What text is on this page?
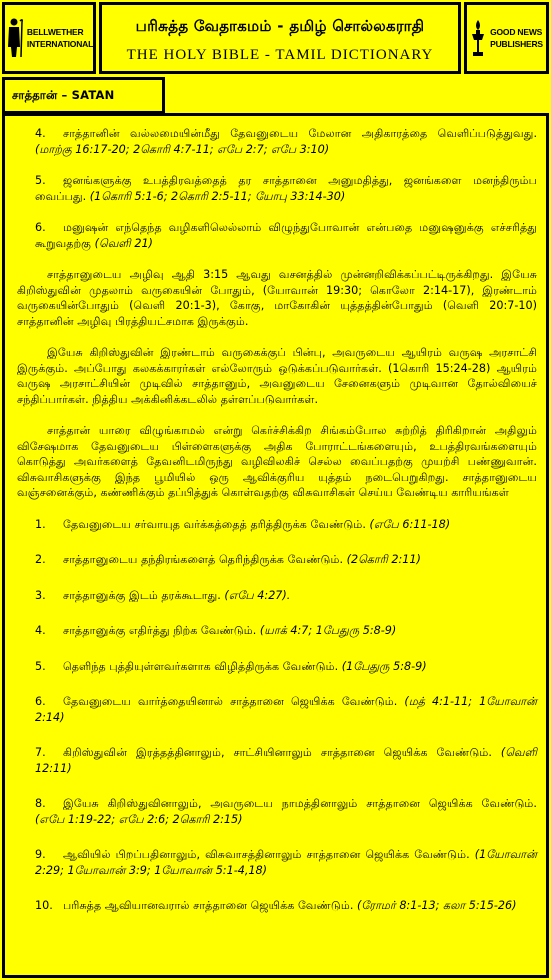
BELLWETHER
INTERNATIONAL
பரிசுத்த வேதாகமம் - தமிழ் சொல்லகராதி
THE HOLY BIBLE - TAMIL DICTIONARY
GOOD NEWS
PUBLISHERS
சாத்தான் – SATAN
4. சாத்தானின் வல்லமையின்மீது தேவனுடைய மேலான அதிகாரத்தை வெளிப்படுத்துவது. (மாற்கு 16:17-20; 2கொரி 4:7-11; எபே 2:7; எபே 3:10)
5. ஜனங்களுக்கு உபத்திரவத்தைத் தர சாத்தானை அனுமதித்து, ஜனங்களை மனந்திரும்ப வைப்பது. (1கொரி 5:1-6; 2கொரி 2:5-11; யோபு 33:14-30)
6. மனுஷன் எந்தெந்த வழிகளிலெல்லாம் விழுந்துபோவான் என்பதை மனுஷனுக்கு எச்சரித்து கூறுவதற்கு (வெளி 21)

சாத்தானுடைய அழிவு ஆதி 3:15 ஆவது வசனத்தில் முன்னறிவிக்கப்பட்டிருக்கிறது. இயேசு கிறிஸ்துவின் முதலாம் வருகையின் போதும், (யோவான் 19:30; கொலோ 2:14-17), இரண்டாம் வருகையின்போதும் (வெளி 20:1-3), கோகு, மாகோகின் யுத்தத்தின்போதும் (வெளி 20:7-10) சாத்தானின் அழிவு பிரத்தியட்சமாக இருக்கும்.

இயேசு கிறிஸ்துவின் இரண்டாம் வருகைக்குப் பின்பு, அவருடைய ஆயிரம் வருஷ அரசாட்சி இருக்கும். அப்போது கலகக்காரர்கள் எல்லோரும் ஒடுக்கப்படுவார்கள். (1கொரி 15:24-28) ஆயிரம் வருஷ அரசாட்சியின் முடிவில் சாத்தானும், அவனுடைய சேனைகளும் முடிவான தோல்வியைச் சந்திப்பார்கள். நித்திய அக்கினிக்கடலில் தள்ளப்படுவார்கள்.

சாத்தான் யாரை விழுங்காமல் என்று கெர்ச்சிக்கிற சிங்கம்போல சுற்றித் திரிகிறான் அதிலும் விசேஷமாக தேவனுடைய பிள்ளைகளுக்கு அதிக போராட்டங்களையும், உபத்திரவங்களையும் கொடுத்து அவர்களைத் தேவனிடமிருந்து வழிவிலகிச் செல்ல வைப்பதற்கு முயற்சி பண்ணுவான். விசுவாசிகளுக்கு இந்த பூமியில் ஒரு ஆவிக்குரிய யுத்தம் நடைபெறுகிறது. சாத்தானுடைய வஞ்சனைக்கும், கண்ணிக்கும் தப்பித்துக் கொள்வதற்கு விசுவாசிகள் செய்ய வேண்டிய காரியங்கள்

1. தேவனுடைய சர்வாயுத வர்க்கத்தைத் தரித்திருக்க வேண்டும். (எபே 6:11-18)
2. சாத்தானுடைய தந்திரங்களைத் தெரிந்திருக்க வேண்டும். (2கொரி 2:11)
3. சாத்தானுக்கு இடம் தரக்கூடாது. (எபே 4:27).
4. சாத்தானுக்கு எதிர்த்து நிற்க வேண்டும். (யாக் 4:7; 1பேதுரு 5:8-9)
5. தெளிந்த புத்தியுள்ளவர்களாக விழித்திருக்க வேண்டும். (1பேதுரு 5:8-9)
6. தேவனுடைய வார்த்தையினால் சாத்தானை ஜெயிக்க வேண்டும். (மத் 4:1-11; 1யோவான் 2:14)
7. கிறிஸ்துவின் இரத்தத்தினாலும், சாட்சியினாலும் சாத்தானை ஜெயிக்க வேண்டும். (வெளி 12:11)
8. இயேசு கிறிஸ்துவினாலும், அவருடைய நாமத்தினாலும் சாத்தானை ஜெயிக்க வேண்டும். (எபே 1:19-22; எபே 2:6; 2கொரி 2:15)
9. ஆவியில் பிறப்பதினாலும், விசுவாசத்தினாலும் சாத்தானை ஜெயிக்க வேண்டும். (1யோவான் 2:29; 1யோவான் 3:9; 1யோவான் 5:1-4,18)
10. பரிசுத்த ஆவியானவரால் சாத்தானை ஜெயிக்க வேண்டும். (ரோமர் 8:1-13; கலா 5:15-26)
